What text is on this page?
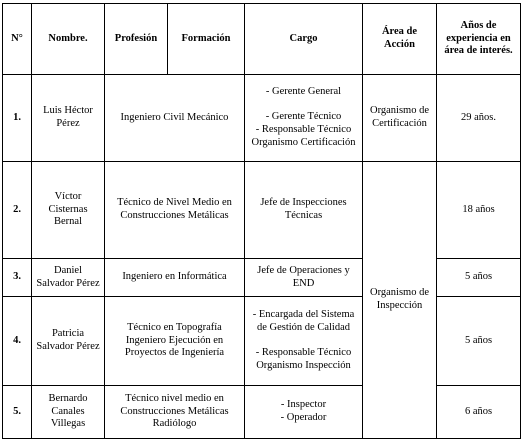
N°	Nombre.	Profesión	Formación	Cargo	Área de Acción	Años de experiencia en área de interés.
1.	Luis Héctor Pérez	Ingeniero Civil Mecánico		- Gerente General
- Gerente Técnico
- Responsable Técnico Organismo Certificación	Organismo de Certificación	29 años.
2.	Víctor Cisternas Bernal	Técnico de Nivel Medio en Construcciones Metálicas		Jefe de Inspecciones Técnicas	Organismo de Inspección	18 años
3.	Daniel Salvador Pérez	Ingeniero en Informática		Jefe de Operaciones y END		5 años
4.	Patricia Salvador Pérez	Técnico en Topografía Ingeniero Ejecución en Proyectos de Ingeniería		- Encargada del Sistema de Gestión de Calidad
- Responsable Técnico Organismo Inspección		5 años
5.	Bernardo Canales Villegas	Técnico nivel medio en Construcciones Metálicas Radiólogo		- Inspector
- Operador		6 años
